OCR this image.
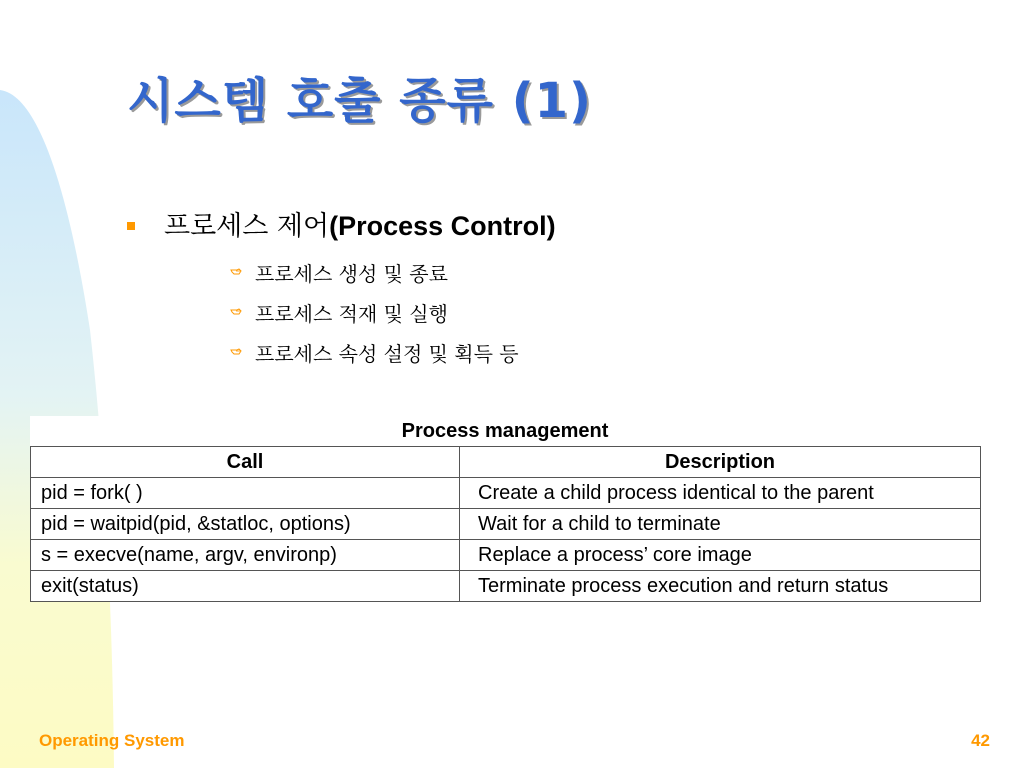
시스템 호출 종류 (1)
프로세스 제어(Process Control)
프로세스 생성 및 종료
프로세스 적재 및 실행
프로세스 속성 설정 및 획득 등
Process management
Call	Description
pid = fork( )	Create a child process identical to the parent
pid = waitpid(pid, &statloc, options)	Wait for a child to terminate
s = execve(name, argv, environp)	Replace a process’ core image
exit(status)	Terminate process execution and return status
Operating System	42
